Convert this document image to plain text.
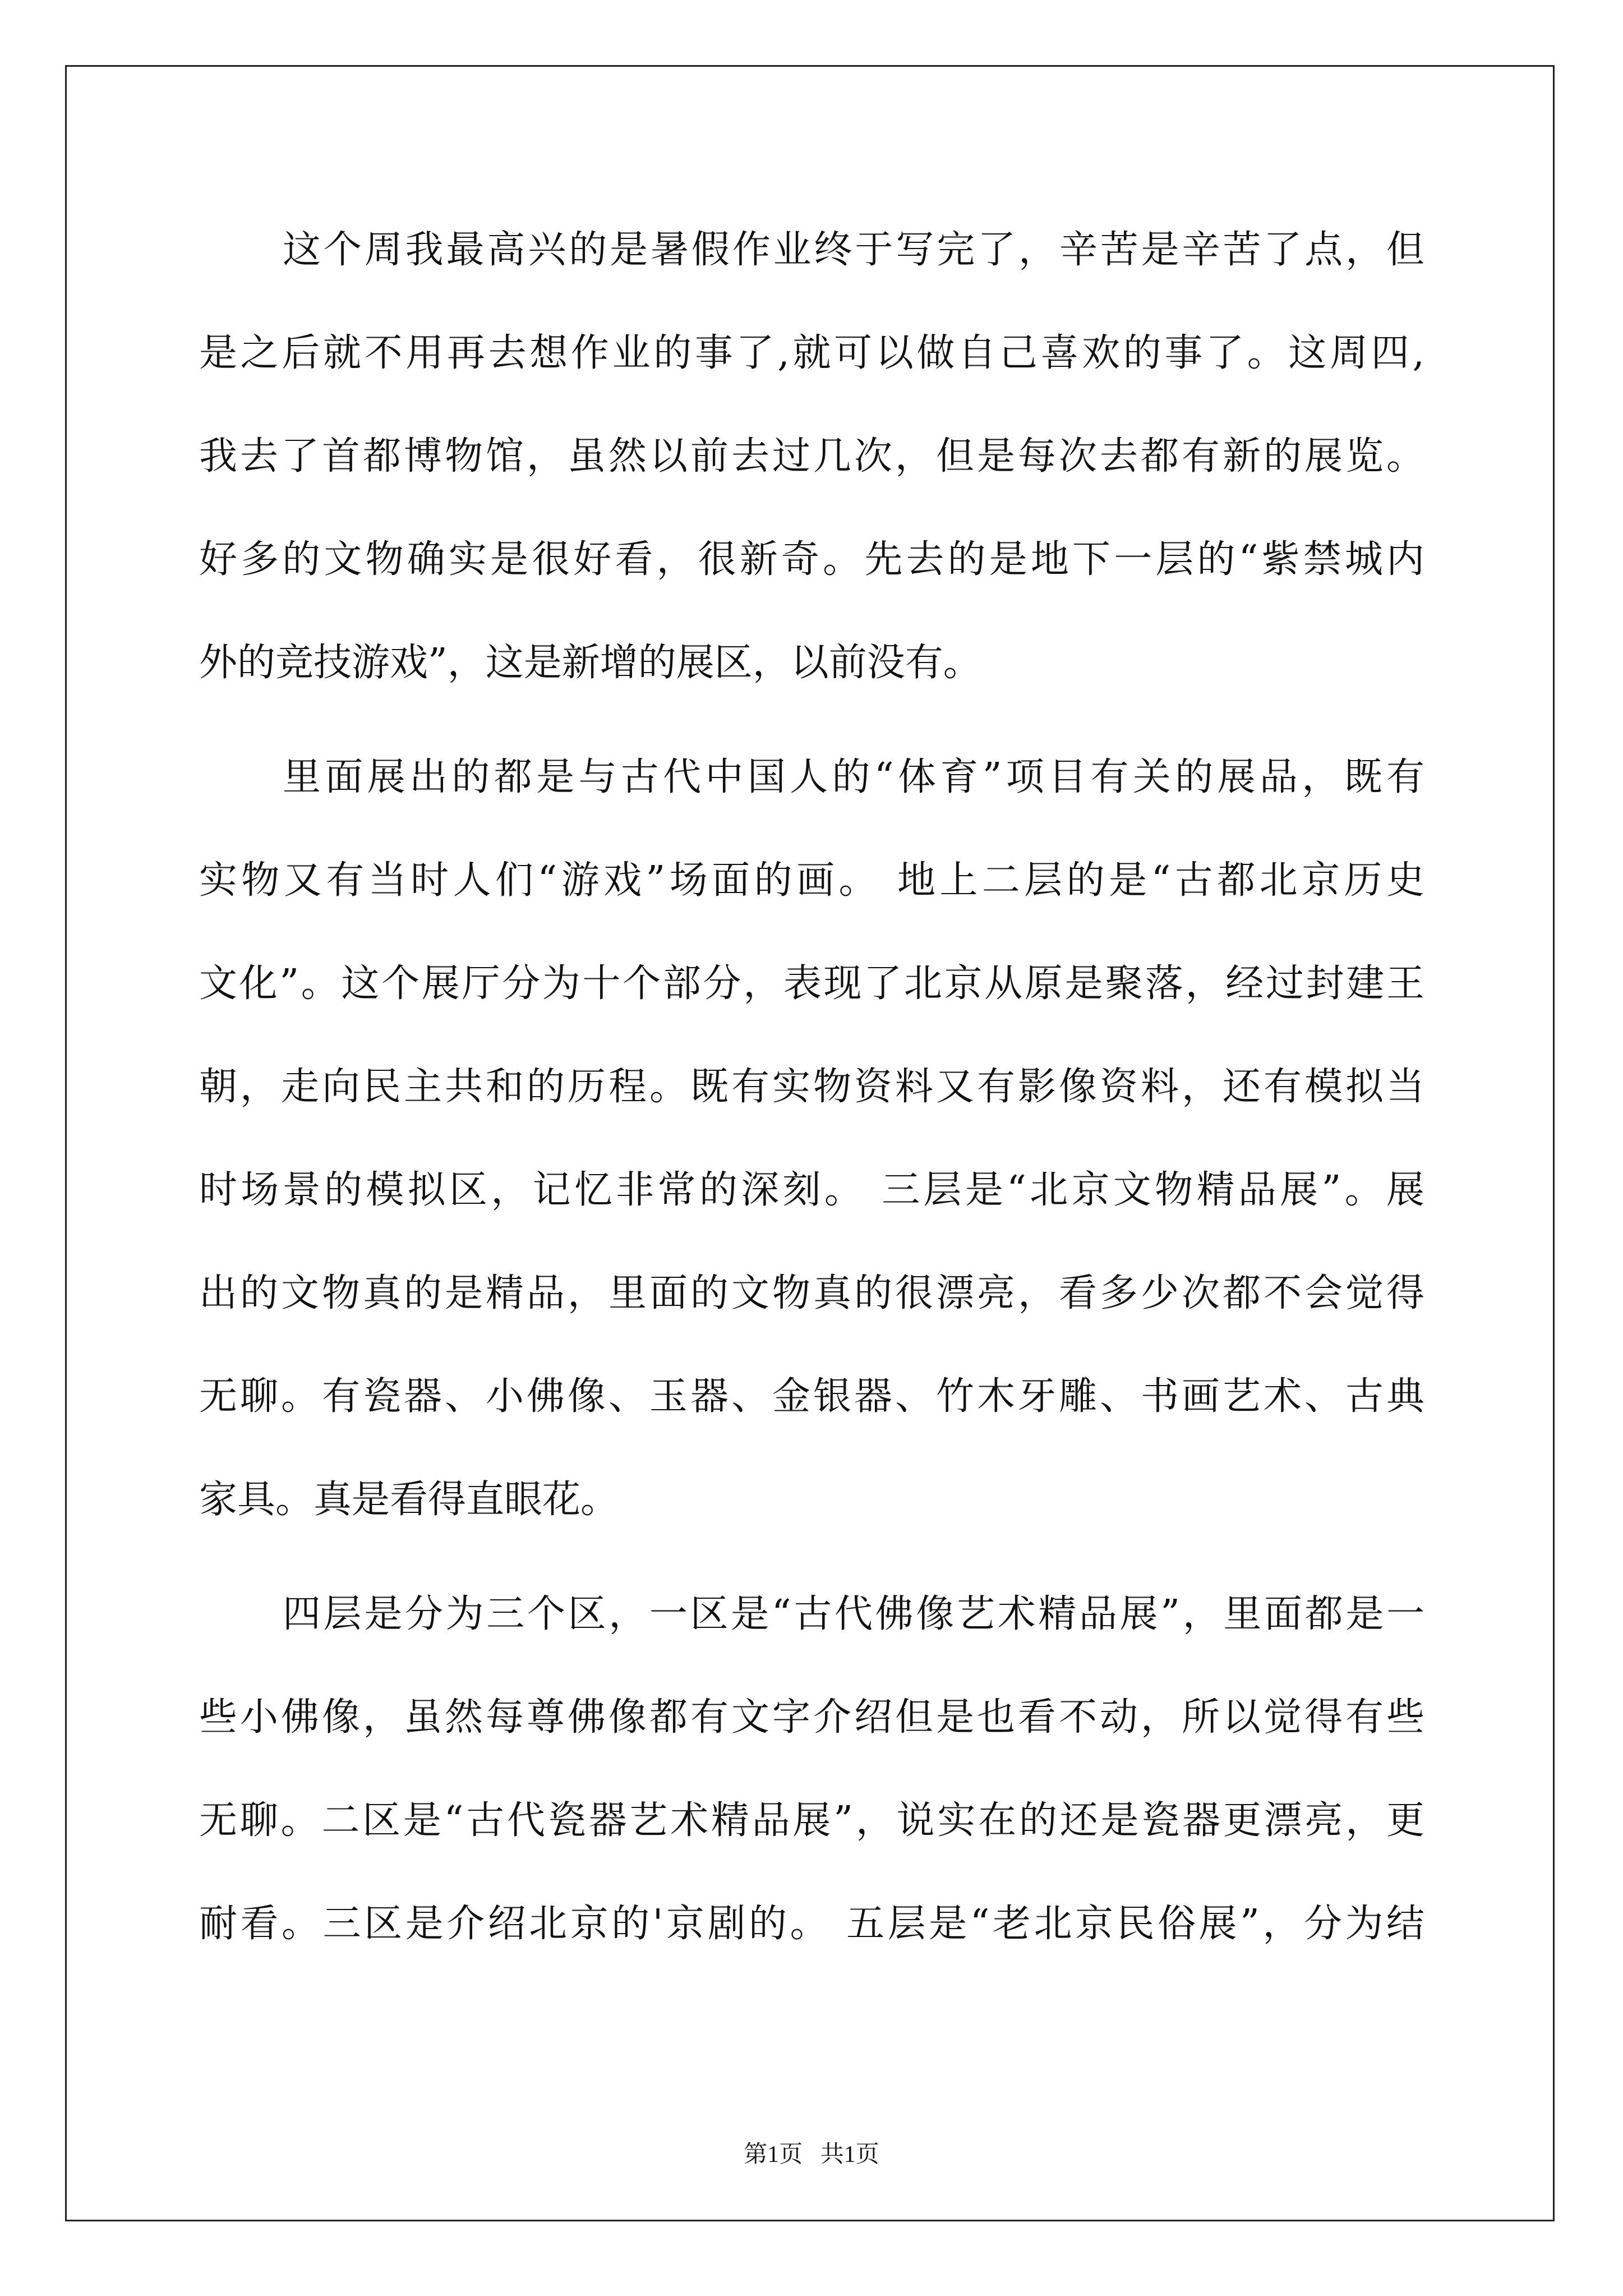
这个周我最高兴的是暑假作业终于写完了，辛苦是辛苦了点，但

是之后就不用再去想作业的事了,就可以做自己喜欢的事了。这周四,

我去了首都博物馆，虽然以前去过几次，但是每次去都有新的展览。

好多的文物确实是很好看，很新奇。先去的是地下一层的“紫禁城内

外的竞技游戏”，这是新增的展区，以前没有。

里面展出的都是与古代中国人的“体育”项目有关的展品，既有

实物又有当时人们“游戏”场面的画。 地上二层的是“古都北京历史

文化”。这个展厅分为十个部分，表现了北京从原是聚落，经过封建王

朝，走向民主共和的历程。既有实物资料又有影像资料，还有模拟当

时场景的模拟区，记忆非常的深刻。 三层是“北京文物精品展”。展

出的文物真的是精品，里面的文物真的很漂亮，看多少次都不会觉得

无聊。有瓷器、小佛像、玉器、金银器、竹木牙雕、书画艺术、古典

家具。真是看得直眼花。

四层是分为三个区，一区是“古代佛像艺术精品展”，里面都是一

些小佛像，虽然每尊佛像都有文字介绍但是也看不动，所以觉得有些

无聊。二区是“古代瓷器艺术精品展”，说实在的还是瓷器更漂亮，更

耐看。三区是介绍北京的'京剧的。 五层是“老北京民俗展”，分为结

第1页   共1页
